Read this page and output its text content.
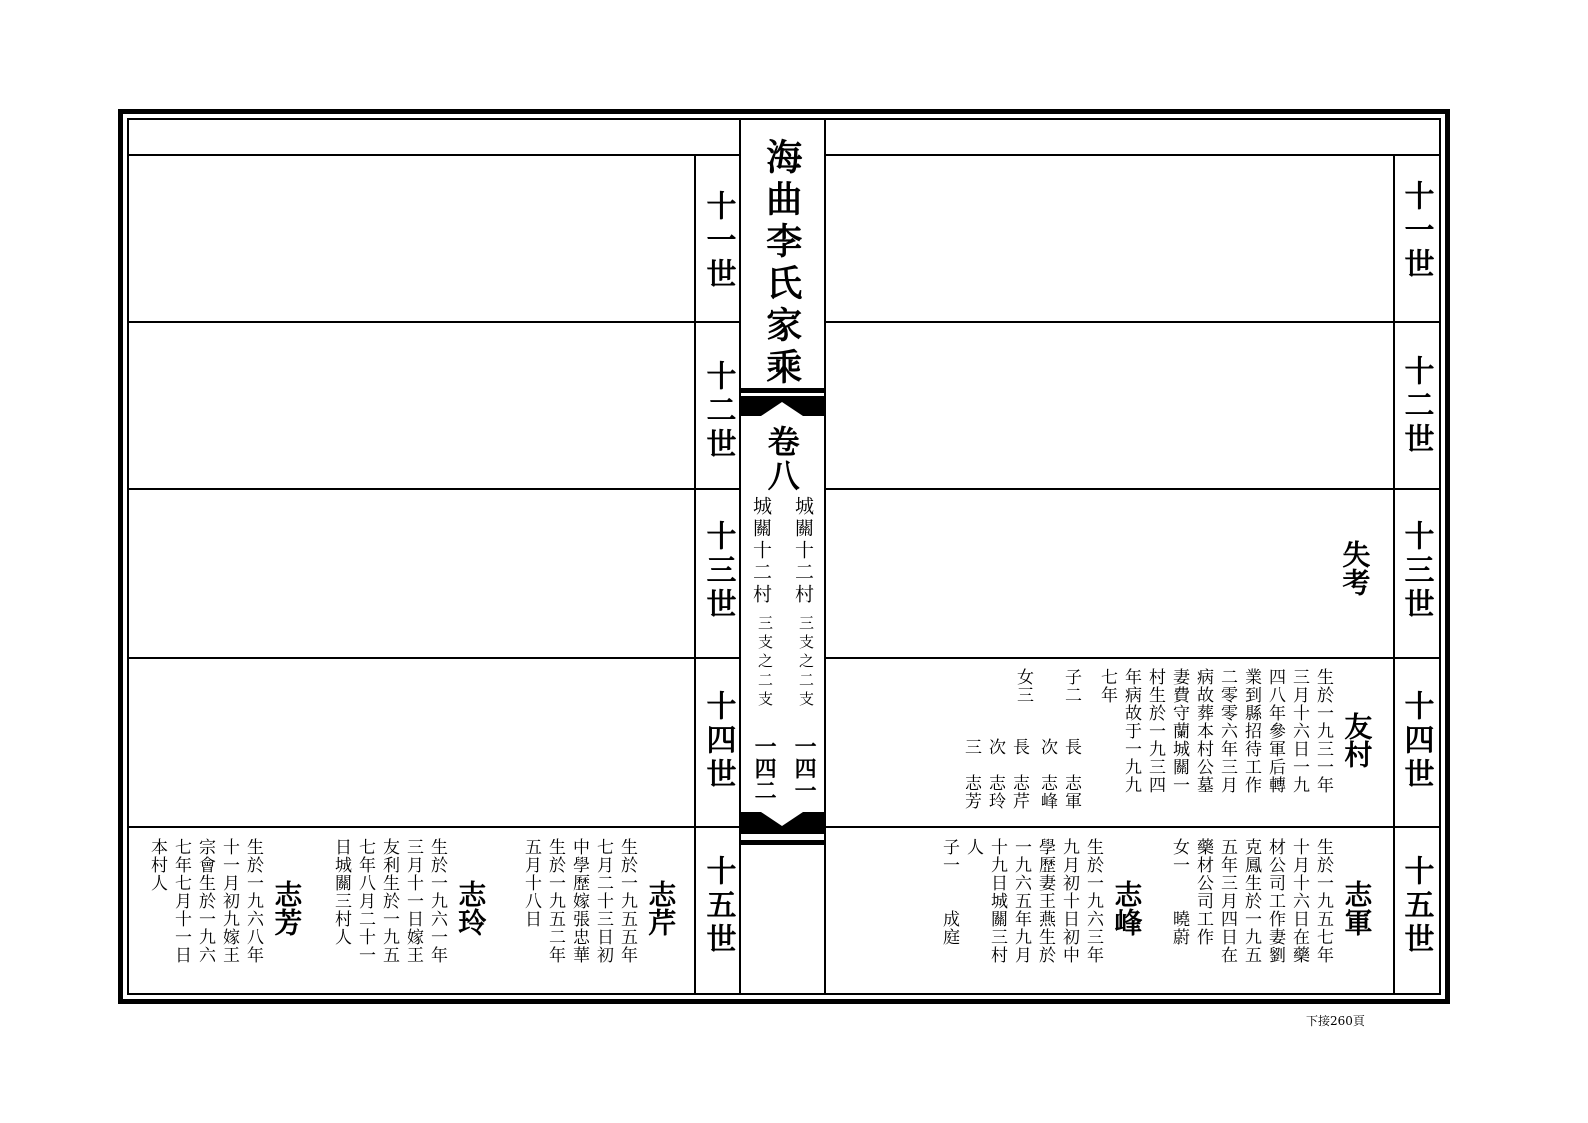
海曲李氏家乘
卷八
城關十二村
三支之二支
一四一
城關十二村
三支之二支
一四二
十一世
十二世
十三世
十四世
十五世
十一世
十二世
十三世
十四世
十五世
失考
友村
生於一九三一年
三月十六日一九
四八年參軍后轉
業到縣招待工作
二零零六年三月
病故葬本村公墓
妻費守蘭城關一
村生於一九三四
年病故于一九九
七年
子二
長　志軍
次　志峰
女三
長　志芹
次　志玲
三　志芳
志軍
生於一九五七年
十月十六日在藥
材公司工作妻劉
克鳳生於一九五
五年三月四日在
藥材公司工作
女一　　曉蔚
志峰
生於一九六三年
九月初十日初中
學歷妻王燕生於
一九六五年九月
十九日城關三村
人
子一　　成庭
志芹
生於一九五五年
七月二十三日初
中學歷嫁張忠華
生於一九五二年
五月十八日
志玲
生於一九六一年
三月十一日嫁王
友利生於一九五
七年八月二十一
日城關三村人
志芳
生於一九六八年
十一月初九嫁王
宗會生於一九六
七年七月十一日
本村人
下接260頁
